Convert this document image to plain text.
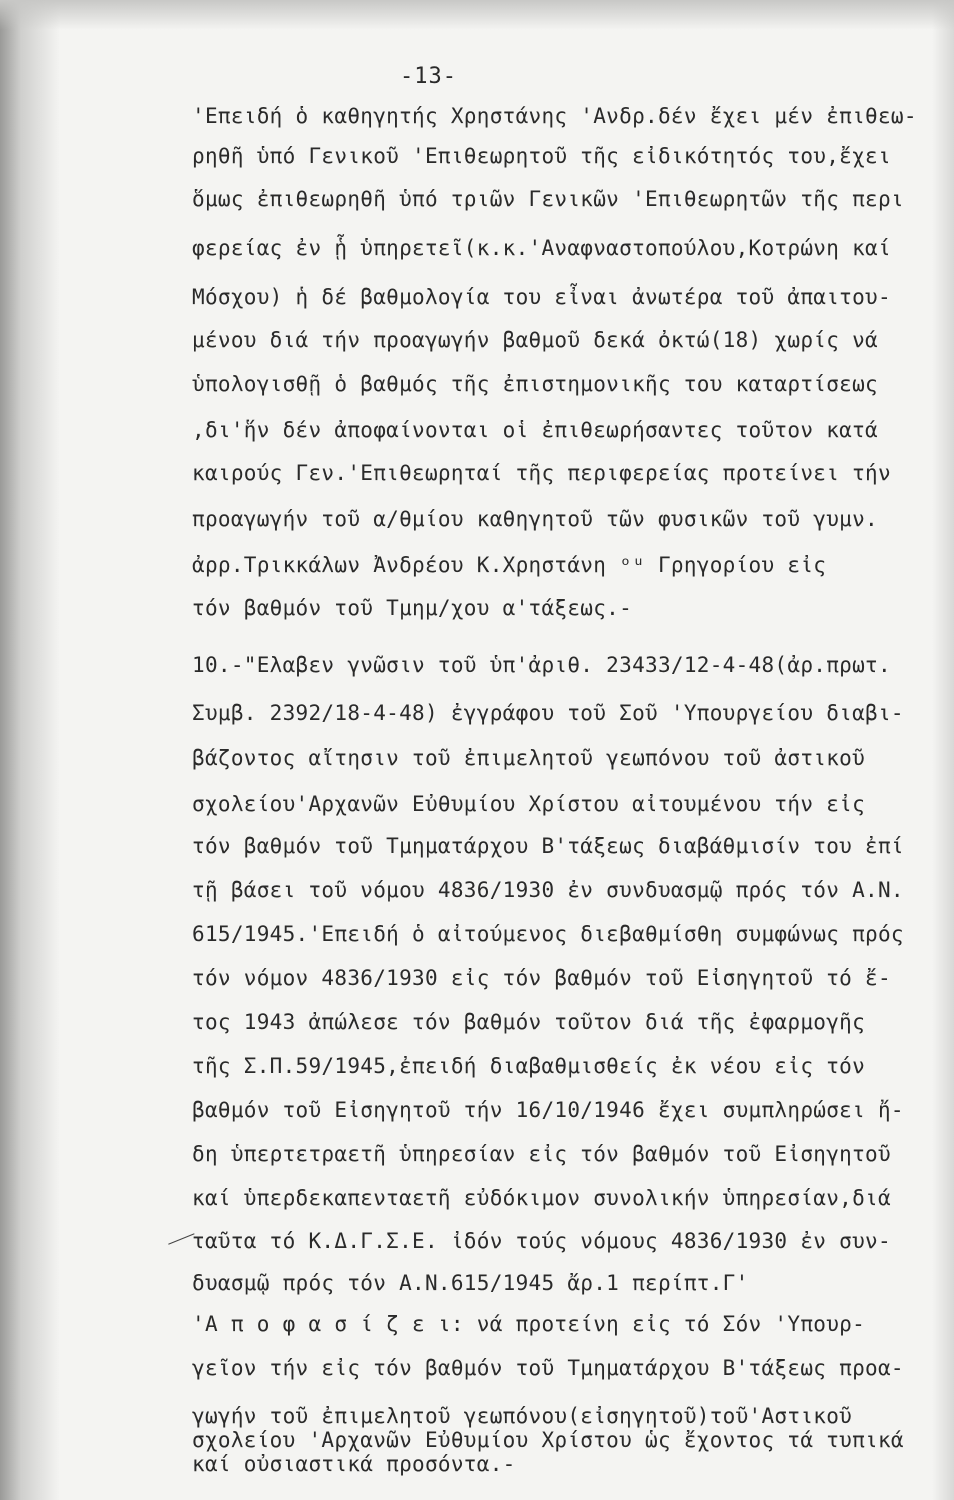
-13-
'Επειδή ὁ καθηγητής Χρηστάνης 'Ανδρ.δέν ἔχει μέν ἐπιθεω-
ρηθῆ ὑπό Γενικοῦ 'Επιθεωρητοῦ τῆς εἰδικότητός του,ἔχει
ὅμως ἐπιθεωρηθῆ ὑπό τριῶν Γενικῶν 'Επιθεωρητῶν τῆς περι
φερείας ἐν ᾗ ὑπηρετεῖ(κ.κ.'Αναφναστοπούλου,Κοτρώνη καί
Μόσχου) ἡ δέ βαθμολογία του εἶναι ἀνωτέρα τοῦ ἀπαιτου-
μένου διά τήν προαγωγήν βαθμοῦ δεκά ὀκτώ(18) χωρίς νά
ὑπολογισθῇ ὁ βαθμός τῆς ἐπιστημονικῆς του καταρτίσεως
,δι'ἥν δέν ἀποφαίνονται οἱ ἐπιθεωρήσαντες τοῦτον κατά
καιρούς Γεν.'Επιθεωρηταί τῆς περιφερείας προτείνει τήν
προαγωγήν τοῦ α/θμίου καθηγητοῦ τῶν φυσικῶν τοῦ γυμν.
ἀρρ.Τρικκάλων Ἀνδρέου Κ.Χρηστάνη ᵒᵘ Γρηγορίου εἰς
τόν βαθμόν τοῦ Τμημ/χου α'τάξεως.-
10.-"Ελαβεν γνῶσιν τοῦ ὑπ'ἀριθ. 23433/12-4-48(ἀρ.πρωτ.
Συμβ. 2392/18-4-48) ἐγγράφου τοῦ Σοῦ 'Υπουργείου διαβι-
βάζοντος αἴτησιν τοῦ ἐπιμελητοῦ γεωπόνου τοῦ ἀστικοῦ
σχολείου'Αρχανῶν Εὐθυμίου Χρίστου αἰτουμένου τήν εἰς
τόν βαθμόν τοῦ Τμηματάρχου Β'τάξεως διαβάθμισίν του ἐπί
τῇ βάσει τοῦ νόμου 4836/1930 ἐν συνδυασμῷ πρός τόν Α.Ν.
615/1945.'Επειδή ὁ αἰτούμενος διεβαθμίσθη συμφώνως πρός
τόν νόμον 4836/1930 εἰς τόν βαθμόν τοῦ Εἰσηγητοῦ τό ἔ-
τος 1943 ἀπώλεσε τόν βαθμόν τοῦτον διά τῆς ἐφαρμογῆς
τῆς Σ.Π.59/1945,ἐπειδή διαβαθμισθείς ἐκ νέου εἰς τόν
βαθμόν τοῦ Εἰσηγητοῦ τήν 16/10/1946 ἔχει συμπληρώσει ἤ-
δη ὑπερτετραετῆ ὑπηρεσίαν εἰς τόν βαθμόν τοῦ Εἰσηγητοῦ
καί ὑπερδεκαπενταετῆ εὐδόκιμον συνολικήν ὑπηρεσίαν,διά
ταῦτα τό Κ.Δ.Γ.Σ.Ε. ἰδόν τούς νόμους 4836/1930 ἐν συν-
δυασμῷ πρός τόν Α.Ν.615/1945 ἄρ.1 περίπτ.Γ'
'Α π ο φ α σ ί ζ ε ι: νά προτείνη εἰς τό Σόν 'Υπουρ-
γεῖον τήν εἰς τόν βαθμόν τοῦ Τμηματάρχου Β'τάξεως προα-
γωγήν τοῦ ἐπιμελητοῦ γεωπόνου(εἰσηγητοῦ)τοῦ'Αστικοῦ
σχολείου 'Αρχανῶν Εὐθυμίου Χρίστου ὡς ἔχοντος τά τυπικά
καί οὐσιαστικά προσόντα.-
